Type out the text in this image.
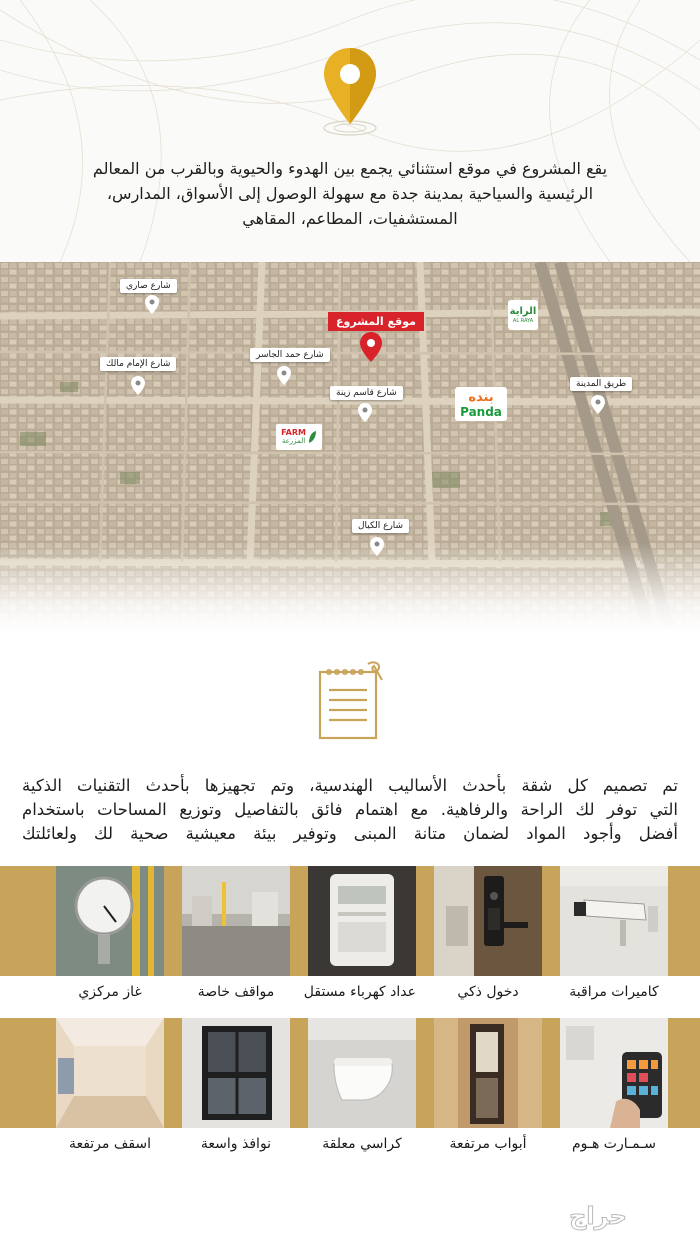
يقع المشروع في موقع استثنائي يجمع بين الهدوء والحيوية وبالقرب من المعالم
الرئيسية والسياحية بمدينة جدة مع سهولة الوصول إلى الأسواق، المدارس،
المستشفيات، المطاعم، المقاهي
شارع صاري
شارع الإمام مالك
شارع حمد الجاسر
شارع قاسم زينة
طريق المدينة
شارع الكيال
موقع المشروع
الراية
AL RAYA
بنده
Panda
FARM
المزرعة
تم تصميم كل شقة بأحدث الأساليب الهندسية، وتم تجهيزها بأحدث التقنيات الذكية
التي توفر لك الراحة والرفاهية. مع اهتمام فائق بالتفاصيل وتوزيع المساحات باستخدام
أفضل وأجود المواد لضمان متانة المبنى وتوفير بيئة معيشية صحية لك ولعائلتك
كاميرات مراقبة
دخول ذكي
عداد كهرباء مستقل
مواقف خاصة
غاز مركزي
سـمـارت هـوم
أبواب مرتفعة
كراسي معلقة
نوافذ واسعة
اسقف مرتفعة
حراج
